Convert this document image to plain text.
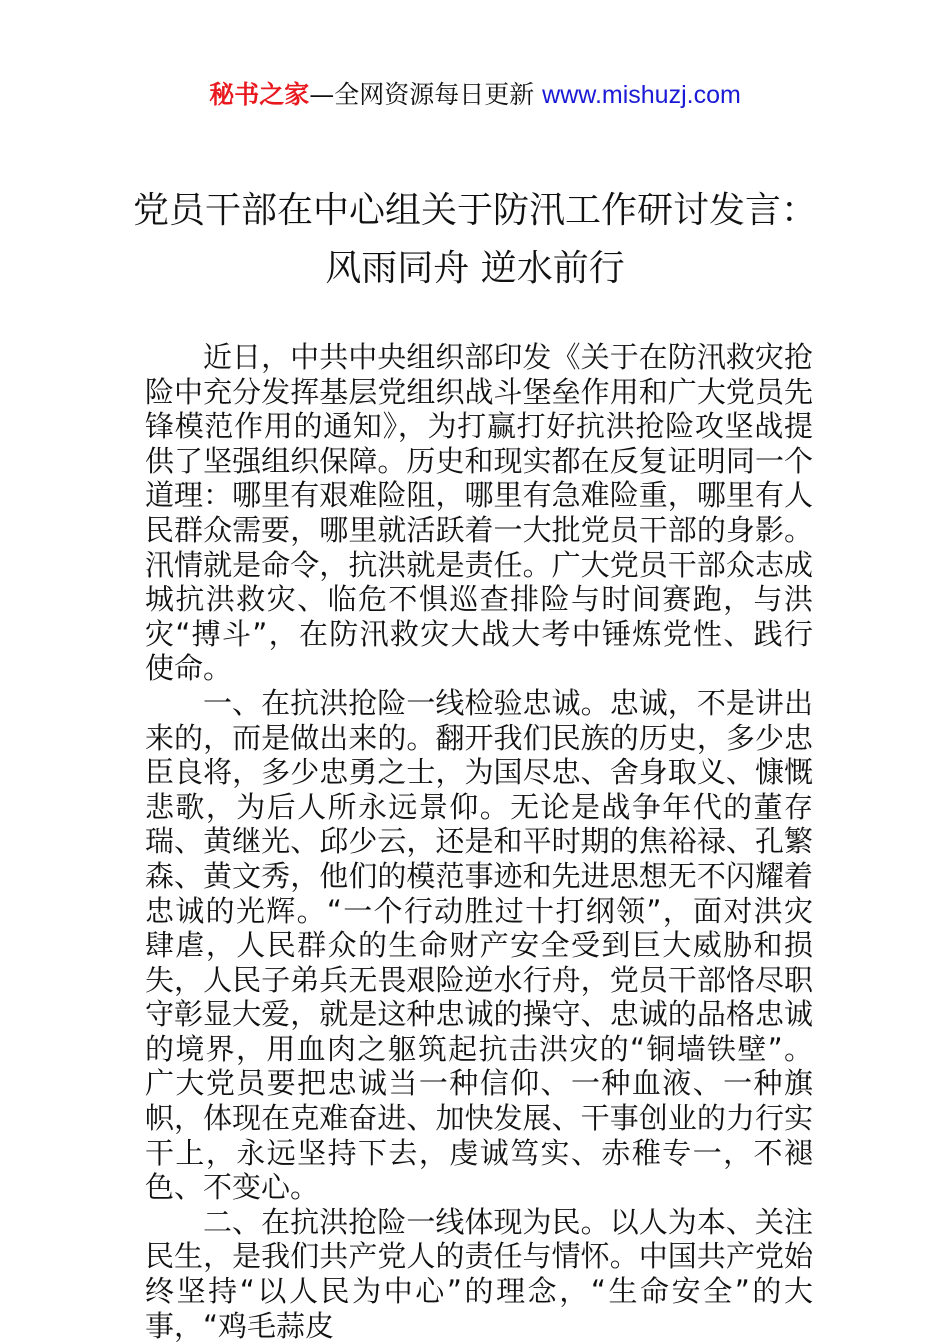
秘书之家—全网资源每日更新 www.mishuzj.com
党员干部在中心组关于防汛工作研讨发言：
风雨同舟 逆水前行

近日，中共中央组织部印发《关于在防汛救灾抢险中充分发挥基层党组织战斗堡垒作用和广大党员先锋模范作用的通知》，为打赢打好抗洪抢险攻坚战提供了坚强组织保障。历史和现实都在反复证明同一个道理：哪里有艰难险阻，哪里有急难险重，哪里有人民群众需要，哪里就活跃着一大批党员干部的身影。汛情就是命令，抗洪就是责任。广大党员干部众志成城抗洪救灾、临危不惧巡查排险与时间赛跑，与洪灾“搏斗”，在防汛救灾大战大考中锤炼党性、践行使命。

一、在抗洪抢险一线检验忠诚。忠诚，不是讲出来的，而是做出来的。翻开我们民族的历史，多少忠臣良将，多少忠勇之士，为国尽忠、舍身取义、慷慨悲歌，为后人所永远景仰。无论是战争年代的董存瑞、黄继光、邱少云，还是和平时期的焦裕禄、孔繁森、黄文秀，他们的模范事迹和先进思想无不闪耀着忠诚的光辉。“一个行动胜过十打纲领”，面对洪灾肆虐，人民群众的生命财产安全受到巨大威胁和损失，人民子弟兵无畏艰险逆水行舟，党员干部恪尽职守彰显大爱，就是这种忠诚的操守、忠诚的品格忠诚的境界，用血肉之躯筑起抗击洪灾的“铜墙铁壁”。广大党员要把忠诚当一种信仰、一种血液、一种旗帜，体现在克难奋进、加快发展、干事创业的力行实干上，永远坚持下去，虔诚笃实、赤稚专一，不褪色、不变心。

二、在抗洪抢险一线体现为民。以人为本、关注民生，是我们共产党人的责任与情怀。中国共产党始终坚持“以人民为中心”的理念，“生命安全”的大事，“鸡毛蒜皮
